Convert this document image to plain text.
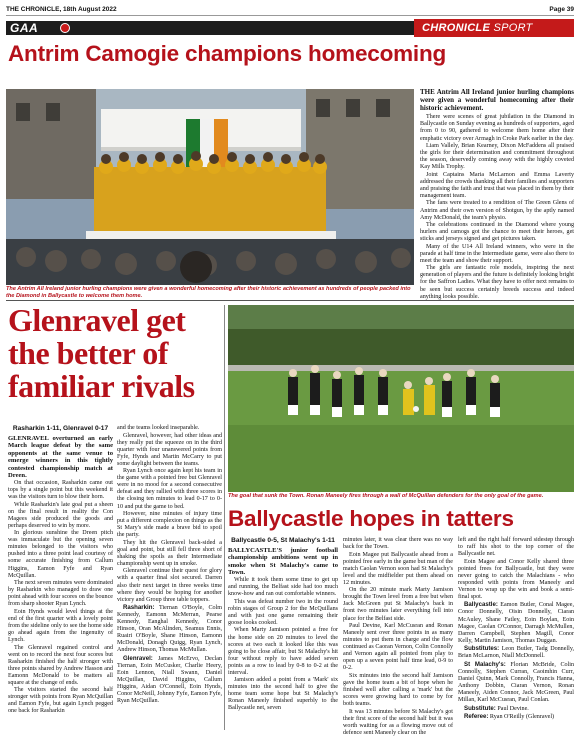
THE CHRONICLE, 18th August 2022	Page 39
GAA	CHRONICLE SPORT
Antrim Camogie champions homecoming
The Antrim All Ireland junior hurling champions were given a wonderful homecoming after their historic achievement as hundreds of people packed into the Diamond in Ballycastle to welcome them home.

THE Antrim All Ireland junior hurling champions were given a wonderful homecoming after their historic achievement.

There were scenes of great jubilation in the Diamond in Ballycastle on Sunday evening as hundreds of supporters, aged from 0 to 90, gathered to welcome them home after their emphatic victory over Armagh in Croke Park earlier in the day.

Liam Vallely, Brian Kearney, Dixon McFaddens all praised the girls for their determination and commitment throughout the season, deservedly coming away with the highly coveted Kay Mills Trophy.

Joint Captains Maria McLarnon and Emma Laverty addressed the crowds thanking all their families and supporters and praising the faith and trust that was placed in them by their management team.

The fans were treated to a rendition of The Green Glens of Antrim and their own version of Shotgun, by the aptly named Amy McDonald, the team's physio.

The celebrations continued in the Diamond where young hurlers and camogs got the chance to meet their heroes, get sticks and jerseys signed and get pictures taken.

Many of the U14 All Ireland winners, who were in the parade at half time in the Intermediate game, were also there to meet the team and show their support.

The girls are fantastic role models, inspiring the next generation of players and the future is definitely looking bright for the Saffron Ladies. What they have to offer next remains to be seen but success certainly breeds success and indeed anything looks possible.

Glenravel get the better of familiar rivals

Rasharkin 1-11, Glenravel 0-17

GLENRAVEL overturned an early March league defeat by the same opponents at the same venue to emerge winners in this tightly contested championship match at Dreen.

On that occasion, Rasharkin came out tops by a single point but this weekend it was the visitors turn to blow their horn.

While Rasharkin's late goal put a sheen on the final result in reality the Con Magees side produced the goods and perhaps deserved to win by more.

In glorious sunshine the Dreen pitch was immaculate but the opening seven minutes belonged to the visitors who pushed into a three point lead courtesy of some accurate finishing from Callum Higgins, Eamon Fyfe and Ryan McQuillan.

The next seven minutes were dominated by Rasharkin who managed to draw one point ahead with four scores on the bounce from sharp shooter Ryan Lynch.

Eoin Hynds would level things at the end of the first quarter with a lovely point from the sideline only to see the home side go ahead again from the ingenuity of Lynch.

The Glenravel regained control and went on to record the next four scores but Rasharkin finished the half stronger with three points shared by Andrew Hasson and Eamonn McDonald to be matters all square at the change of ends.

The visitors started the second half stronger with points from Ryan McQuillan and Eamon Fyfe, but again Lynch pegged one back for Rasharkin

and the teams looked inseparable.

Glenravel, however, had other ideas and they really put the squeeze on in the third quarter with four unanswered points from Fyfe, Hynds and Martin McCarry to put some daylight between the teams.

Ryan Lynch once again kept his team in the game with a pointed free but Glenravel were in no mood for a second consecutive defeat and they rallied with three scores in the closing ten minutes to lead 0-17 to 0-10 and put the game to bed.

However, nine minutes of injury time put a different complexion on things as the St Mary's side made a brave bid to spoil the party.

They hit the Glenravel back-sided a goal and point, but still fell three short of shaking the spoils as their Intermediate championship went up in smoke.

Glenravel continue their quest for glory with a quarter final slot secured. Darren also their next target in three weeks time where they would be hoping for another victory and Group three table toppers.

Rasharkin: Tiernan O'Boyle, Colm Kennedy, Eamonn McMerran, Pearse Kennedy, Eanghal Kennedy, Conor Hinson, Oran McAlinden, Seamus Ennis, Ruairi O'Boyle, Shane Hinson, Eamonn McDonald, Donagh Quigg, Ryan Lynch, Andrew Hinson, Thomas McMullan.

Glenravel: James McErvo, Declan Tiernan, Eoin McCusker, Charlie Heery, Eoin Lennon, Niall Swann, Daniel McQuillan, David Higgins, Callum Higgins, Aidan O'Connell, Eoin Hynds, Conor McNeill, Johnny Fyfe, Eamon Fyfe, Ryan McQuillan.

The goal that sunk the Town. Ronan Maneely fires through a wall of McQuillan defenders for the only goal of the game.
Ballycastle hopes in tatters

Ballycastle 0-5, St Malachy's 1-11

BALLYCASTLE'S junior football championship ambitions went up in smoke when St Malachy's came to Town.

While it took them some time to get up and running, the Belfast side had too much know-how and ran out comfortable winners.

This was defeat number two in the round robin stages of Group 2 for the McQuillans and with just one game remaining their goose looks cooked.

When Marty Jamison pointed a free for the home side on 20 minutes to level the scores at two each it looked like this was going to be close affair, but St Malachy's hit four without reply to have added seven points as a row to lead by 0-8 to 0-2 at the interval.

Jamison added a point from a 'Mark' six minutes into the second half to give the home team some hope but St Malachy's Ronan Maneely finished superbly to the Ballycastle net, seven

minutes later, it was clear there was no way back for the Town.

Eoin Magee put Ballycastle ahead from a pointed free early in the game but man of the match Caolan Vernon soon had St Malachy's level and the midfielder put them ahead on 12 minutes.

On the 20 minute mark Marty Jamison brought the Town level from a free but when Jack McGreen put St Malachy's back in front two minutes later everything fell into place for the Belfast side.

Paul Devine, Karl McCusran and Ronan Maneely sent over three points in as many minutes to put them in charge and the flow continued as Caoran Vernon, Colin Connolly and Vernon again all pointed from play to open up a seven point half time lead, 0-9 to 0-2.

Six minutes into the second half Jamison gave the home team a bit of hope when he finished well after calling a 'mark' but the scores were growing hard to come by for both teams.

It was 13 minutes before St Malachy's got their first score of the second half but it was worth waiting for as a flowing move out of defence sent Maneely clear on the

left and the right half forward sidestep through to raff his shot to the top corner of the Ballycastle net.

Eoin Magee and Conor Kelly shared three pointed frees for Ballycastle, but they were never going to catch the Malachians - who responded with points from Maneely and Vernon to wrap up the win and book a semi-final spot.

Ballycastle: Eamon Butler, Conal Magee, Conor Donnelly, Oisin Donnelly, Ciaran McAuley, Shane Fatley, Eoin Boylan, Eoin Magee, Caolan O'Connor, Darragh McMullen, Darren Campbell, Stephen Magill, Conor Kelly, Martin Jamison, Thomas Duggan.

Substitutes: Leon Butler, Tadg Donnelly, Brian McLarnon, Niall McDonnell.

St Malachy's: Florian McBride, Colin Connolly, Stephen Curran, Caoimhin Curr, Daniel Quinn, Mark Connolly, Francis Hanna, Anthony Dobbin, Ciaran Vernon, Ronan Maneely, Aiden Connor, Jack McGreen, Paul Millan, Karl McCusran, Paul Conlan.

Substitute: Paul Devine.

Referee: Ryan O'Reilly (Glenravel)
